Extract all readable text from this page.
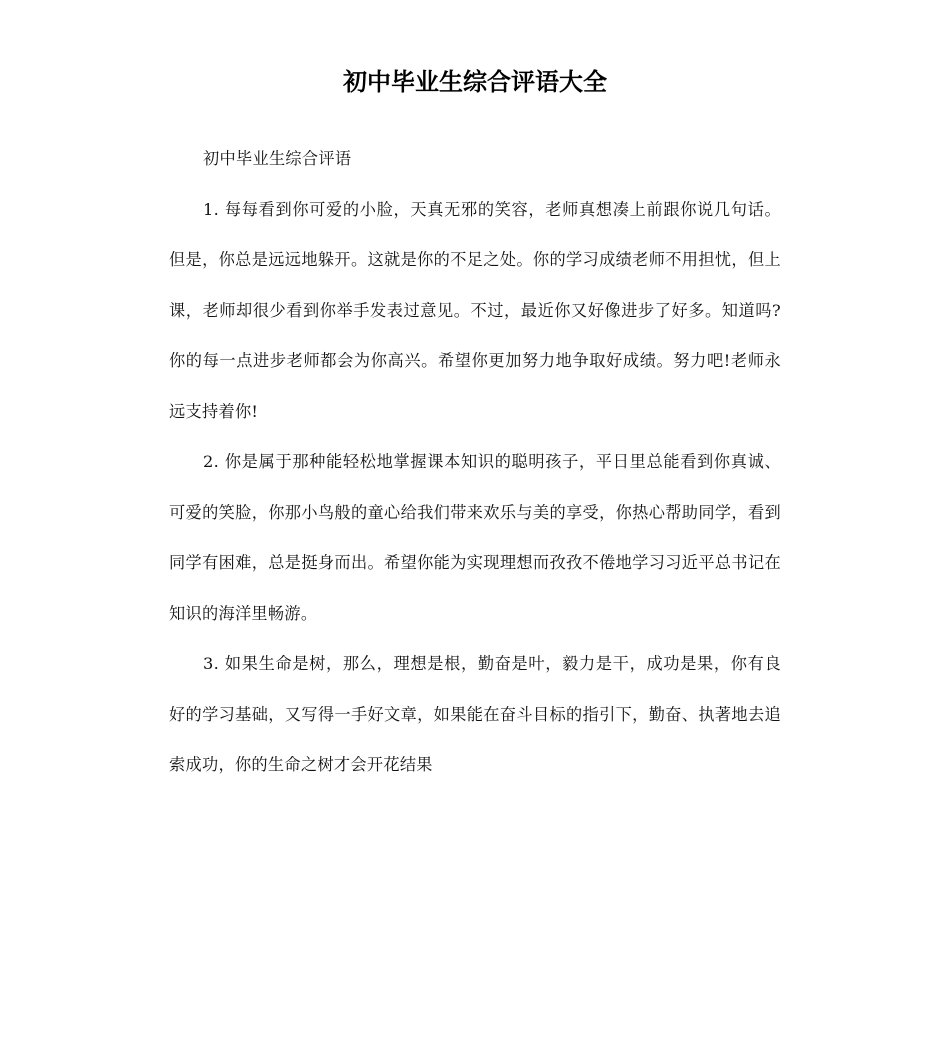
初中毕业生综合评语大全

初中毕业生综合评语

1. 每每看到你可爱的小脸，天真无邪的笑容，老师真想凑上前跟你说几句话。但是，你总是远远地躲开。这就是你的不足之处。你的学习成绩老师不用担忧，但上课，老师却很少看到你举手发表过意见。不过，最近你又好像进步了好多。知道吗?你的每一点进步老师都会为你高兴。希望你更加努力地争取好成绩。努力吧!老师永远支持着你!

2. 你是属于那种能轻松地掌握课本知识的聪明孩子，平日里总能看到你真诚、可爱的笑脸，你那小鸟般的童心给我们带来欢乐与美的享受，你热心帮助同学，看到同学有困难，总是挺身而出。希望你能为实现理想而孜孜不倦地学习习近平总书记在知识的海洋里畅游。

3. 如果生命是树，那么，理想是根，勤奋是叶，毅力是干，成功是果，你有良好的学习基础，又写得一手好文章，如果能在奋斗目标的指引下，勤奋、执著地去追索成功，你的生命之树才会开花结果
